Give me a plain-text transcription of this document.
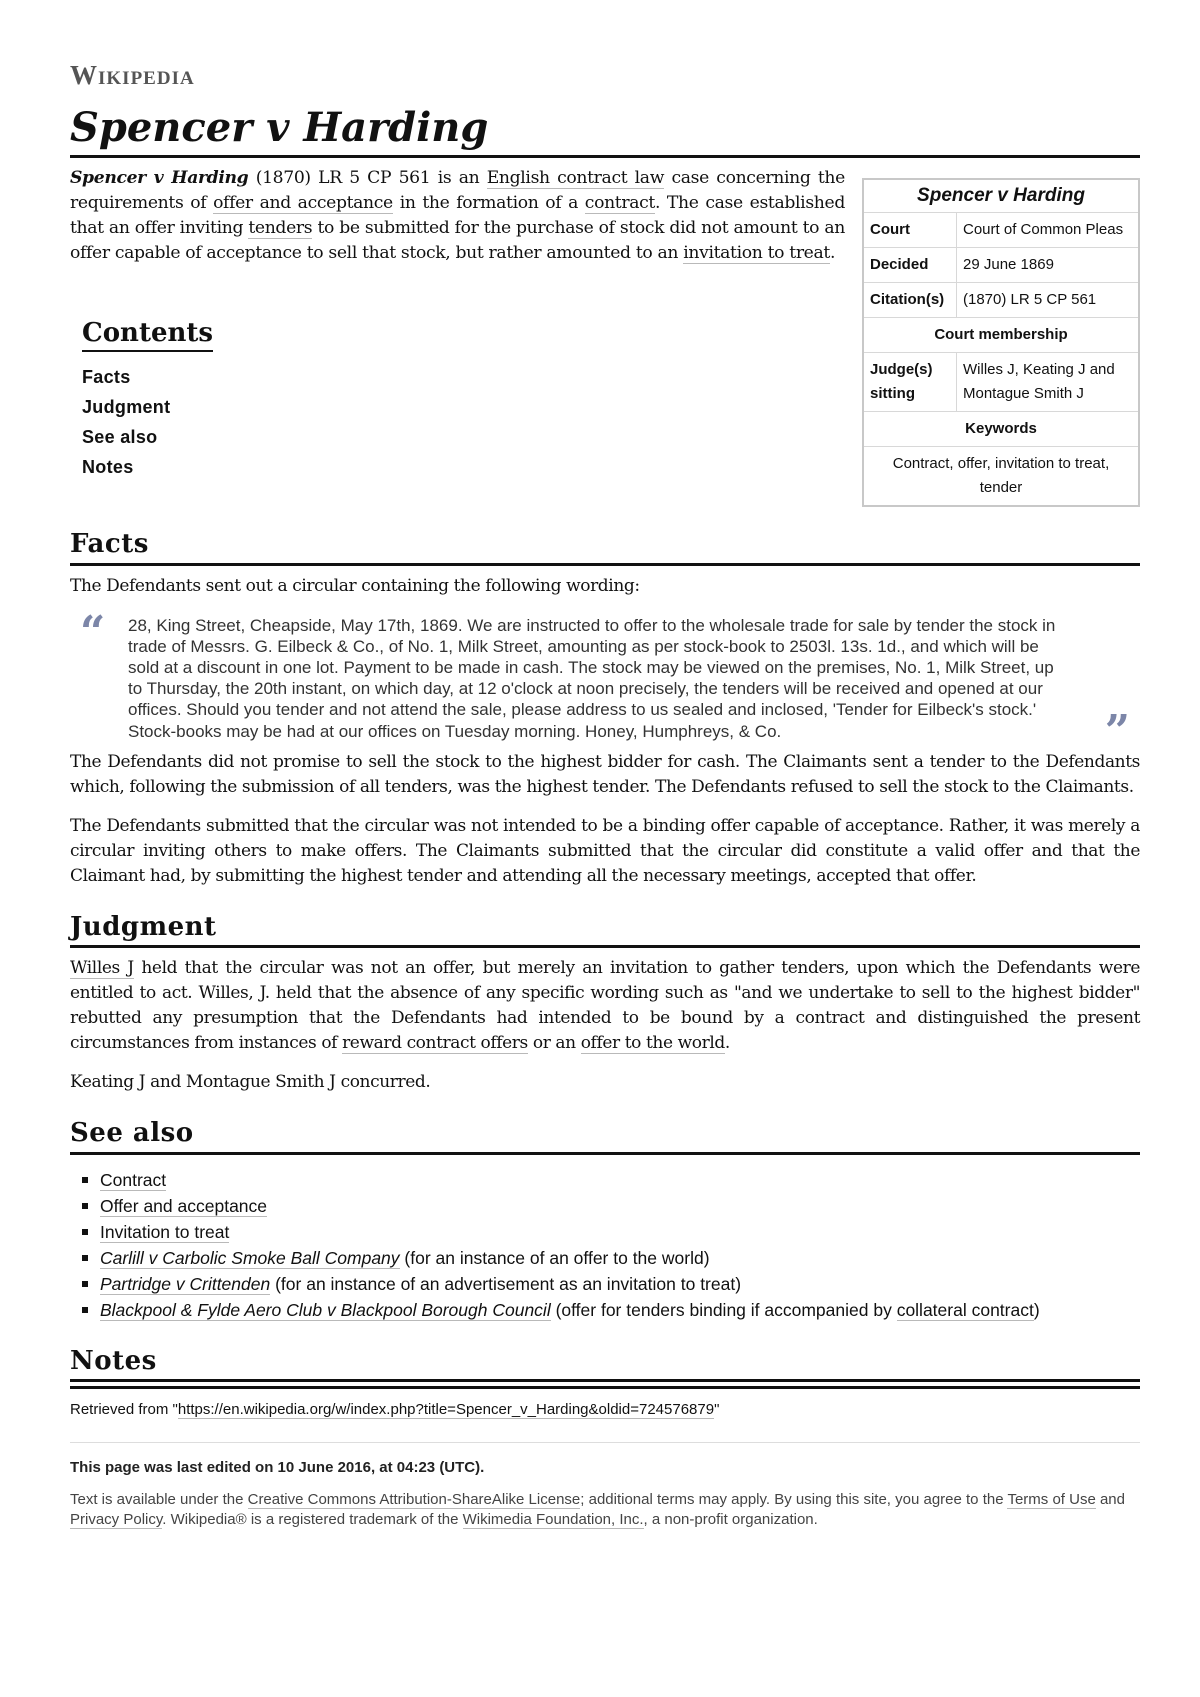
Wikipedia
Spencer v Harding

Spencer v Harding (1870) LR 5 CP 561 is an English contract law case concerning the requirements of offer and acceptance in the formation of a contract. The case established that an offer inviting tenders to be submitted for the purchase of stock did not amount to an offer capable of acceptance to sell that stock, but rather amounted to an invitation to treat.

Spencer v Harding	
Court	Court of Common Pleas
Decided	29 June 1869
Citation(s)	(1870) LR 5 CP 561
Court membership	
Judge(s) sitting	Willes J, Keating J and Montague Smith J
Keywords	
Contract, offer, invitation to treat, tender	
Contents
Facts
Judgment
See also
Notes
Facts

The Defendants sent out a circular containing the following wording:

“ 28, King Street, Cheapside, May 17th, 1869. We are instructed to offer to the wholesale trade for sale by tender the stock in trade of Messrs. G. Eilbeck & Co., of No. 1, Milk Street, amounting as per stock-book to 2503l. 13s. 1d., and which will be sold at a discount in one lot. Payment to be made in cash. The stock may be viewed on the premises, No. 1, Milk Street, up to Thursday, the 20th instant, on which day, at 12 o'clock at noon precisely, the tenders will be received and opened at our offices. Should you tender and not attend the sale, please address to us sealed and inclosed, 'Tender for Eilbeck's stock.' Stock-books may be had at our offices on Tuesday morning. Honey, Humphreys, & Co.	”

The Defendants did not promise to sell the stock to the highest bidder for cash. The Claimants sent a tender to the Defendants which, following the submission of all tenders, was the highest tender. The Defendants refused to sell the stock to the Claimants.

The Defendants submitted that the circular was not intended to be a binding offer capable of acceptance. Rather, it was merely a circular inviting others to make offers. The Claimants submitted that the circular did constitute a valid offer and that the Claimant had, by submitting the highest tender and attending all the necessary meetings, accepted that offer.

Judgment

Willes J held that the circular was not an offer, but merely an invitation to gather tenders, upon which the Defendants were entitled to act. Willes, J. held that the absence of any specific wording such as "and we undertake to sell to the highest bidder" rebutted any presumption that the Defendants had intended to be bound by a contract and distinguished the present circumstances from instances of reward contract offers or an offer to the world.

Keating J and Montague Smith J concurred.

See also
Contract
Offer and acceptance
Invitation to treat
Carlill v Carbolic Smoke Ball Company (for an instance of an offer to the world)
Partridge v Crittenden (for an instance of an advertisement as an invitation to treat)
Blackpool & Fylde Aero Club v Blackpool Borough Council (offer for tenders binding if accompanied by collateral contract)
Notes

Retrieved from "https://en.wikipedia.org/w/index.php?title=Spencer_v_Harding&oldid=724576879"

This page was last edited on 10 June 2016, at 04:23 (UTC).

Text is available under the Creative Commons Attribution-ShareAlike License; additional terms may apply. By using this site, you agree to the Terms of Use and Privacy Policy. Wikipedia® is a registered trademark of the Wikimedia Foundation, Inc., a non-profit organization.
